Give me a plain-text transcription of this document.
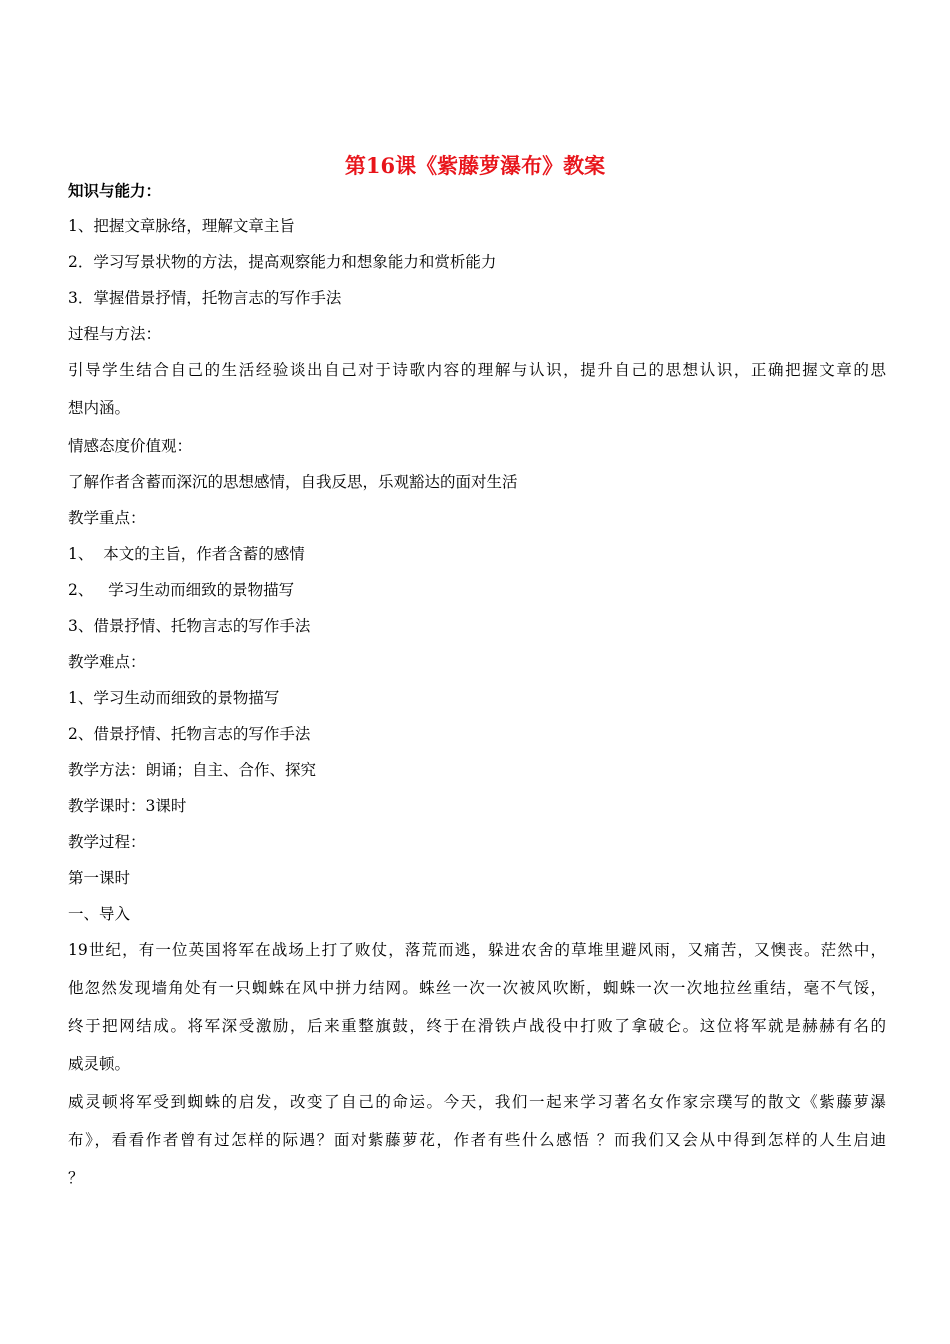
第16课《紫藤萝瀑布》教案
知识与能力：
1、把握文章脉络，理解文章主旨
2．学习写景状物的方法，提高观察能力和想象能力和赏析能力
3．掌握借景抒情，托物言志的写作手法
过程与方法：
引导学生结合自己的生活经验谈出自己对于诗歌内容的理解与认识，提升自己的思想认识，正确把握文章的思
想内涵。
情感态度价值观：
了解作者含蓄而深沉的思想感情，自我反思，乐观豁达的面对生活
教学重点：
1、  本文的主旨，作者含蓄的感情
2、   学习生动而细致的景物描写
3、借景抒情、托物言志的写作手法
教学难点：
1、学习生动而细致的景物描写
2、借景抒情、托物言志的写作手法
教学方法：朗诵；自主、合作、探究
教学课时：3课时
教学过程：
第一课时
一、导入
19世纪，有一位英国将军在战场上打了败仗，落荒而逃，躲进农舍的草堆里避风雨，又痛苦，又懊丧。茫然中，
他忽然发现墙角处有一只蜘蛛在风中拼力结网。蛛丝一次一次被风吹断，蜘蛛一次一次地拉丝重结，毫不气馁，
终于把网结成。将军深受激励，后来重整旗鼓，终于在滑铁卢战役中打败了拿破仑。这位将军就是赫赫有名的
威灵顿。
威灵顿将军受到蜘蛛的启发，改变了自己的命运。今天，我们一起来学习著名女作家宗璞写的散文《紫藤萝瀑
布》，看看作者曾有过怎样的际遇？面对紫藤萝花，作者有些什么感悟 ？而我们又会从中得到怎样的人生启迪
？
